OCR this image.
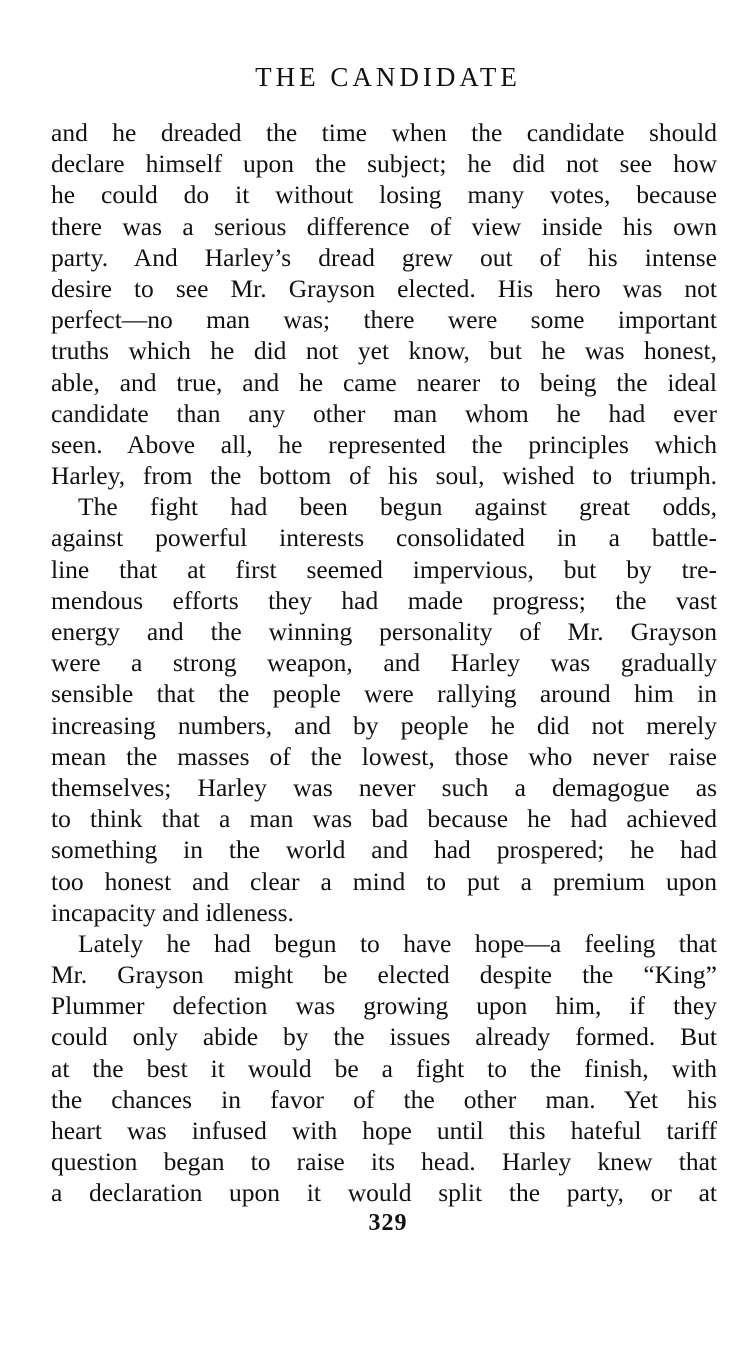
THE CANDIDATE
and he dreaded the time when the candidate should
declare himself upon the subject; he did not see how
he could do it without losing many votes, because
there was a serious difference of view inside his own
party. And Harley’s dread grew out of his intense
desire to see Mr. Grayson elected. His hero was not
perfect—no man was; there were some important
truths which he did not yet know, but he was honest,
able, and true, and he came nearer to being the ideal
candidate than any other man whom he had ever
seen. Above all, he represented the principles which
Harley, from the bottom of his soul, wished to triumph.
The fight had been begun against great odds,
against powerful interests consolidated in a battle-
line that at first seemed impervious, but by tre-
mendous efforts they had made progress; the vast
energy and the winning personality of Mr. Grayson
were a strong weapon, and Harley was gradually
sensible that the people were rallying around him in
increasing numbers, and by people he did not merely
mean the masses of the lowest, those who never raise
themselves; Harley was never such a demagogue as
to think that a man was bad because he had achieved
something in the world and had prospered; he had
too honest and clear a mind to put a premium upon
incapacity and idleness.
Lately he had begun to have hope—a feeling that
Mr. Grayson might be elected despite the “King”
Plummer defection was growing upon him, if they
could only abide by the issues already formed. But
at the best it would be a fight to the finish, with
the chances in favor of the other man. Yet his
heart was infused with hope until this hateful tariff
question began to raise its head. Harley knew that
a declaration upon it would split the party, or at
329
